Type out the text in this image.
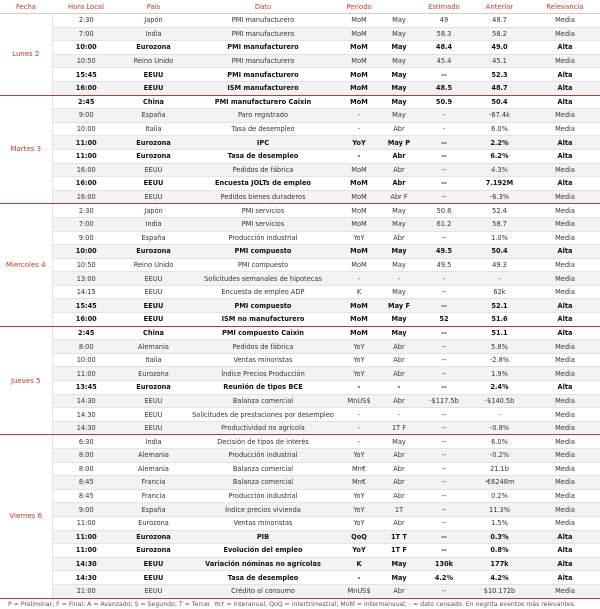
Fecha	Hora Local	País	Dato	Periodo		Estimado	Anterior	Relevancia
Lunes 2	2:30	Japón	PMI manufacturero	MoM	May	49	48.7	Media
	7:00	India	PMI manufacturero	MoM	May	58.3	58.2	Media
	10:00	Eurozona	PMI manufacturero	MoM	May	48.4	49.0	Alta
	10:50	Reino Unido	PMI manufacturero	MoM	May	45.4	45.1	Media
	15:45	EEUU	PMI manufacturero	MoM	May	--	52.3	Alta
	16:00	EEUU	ISM manufacturero	MoM	May	48.5	48.7	Alta
Martes 3	2:45	China	PMI manufacturero Caixin	MoM	May	50.9	50.4	Alta
	9:00	España	Paro registrado	-	May	-	-67.4k	Media
	10:00	Italia	Tasa de desempleo	-	Abr	-	6.0%	Media
	11:00	Eurozona	IPC	YoY	May P	--	2.2%	Alta
	11:00	Eurozona	Tasa de desempleo	-	Abr	--	6.2%	Alta
	16:00	EEUU	Pedidos de fábrica	MoM	Abr	--	4.3%	Media
	16:00	EEUU	Encuesta JOLTs de empleo	MoM	Abr	--	7.192M	Alta
	16:00	EEUU	Pedidos bienes duraderos	MoM	Abr F	--	-6.3%	Media
Miercoles 4	2:30	Japón	PMI servicios	MoM	May	50.8	52.4	Media
	7:00	India	PMI servicios	MoM	May	61.2	58.7	Media
	9:00	España	Producción industrial	YoY	Abr	--	1.0%	Media
	10:00	Eurozona	PMI compuesto	MoM	May	49.5	50.4	Alta
	10:50	Reino Unido	PMI compuesto	MoM	May	49.5	49.3	Media
	13:00	EEUU	Solicitudes semanales de hipotecas	-	-	-	-	Media
	14:15	EEUU	Encuesta de empleo ADP	K	May	--	62k	Media
	15:45	EEUU	PMI compuesto	MoM	May F	--	52.1	Alta
	16:00	EEUU	ISM no manufacturero	MoM	May	52	51.6	Alta
Jueves 5	2:45	China	PMI compuesto Caixin	MoM	May	--	51.1	Alta
	8:00	Alemania	Pedidos de fábrica	YoY	Abr	--	5.8%	Media
	10:00	Italia	Ventas minoristas	YoY	Abr	--	-2.8%	Media
	11:00	Eurozona	Índice Precios Producción	YoY	Abr	--	1.9%	Media
	13:45	Eurozona	Reunión de tipos BCE	-	-	--	2.4%	Alta
	14:30	EEUU	Balanza comercial	MnUS$	Abr	-$117.5b	-$140.5b	Media
	14:30	EEUU	Solicitudes de prestaciones por desempleo	-	-	--	-	Media
	14:30	EEUU	Productividad no agrícola	-	1T F	--	-0.8%	Media
Viernes 6	6:30	India	Decisión de tipos de interés	-	May	--	6.0%	Media
	8:00	Alemania	Producción industrial	YoY	Abr	--	-0.2%	Media
	8:00	Alemania	Balanza comercial	Mn€	Abr	--	21.1b	Media
	8:45	Francia	Balanza comercial	Mn€	Abr	--	-€6248m	Media
	8:45	Francia	Producción industrial	YoY	Abr	--	0.2%	Media
	9:00	España	Índice precios vivienda	YoY	1T	--	11.3%	Media
	11:00	Eurozona	Ventas minoristas	YoY	Abr	--	1.5%	Media
	11:00	Eurozona	PIB	QoQ	1T T	--	0.3%	Alta
	11:00	Eurozona	Evolución del empleo	YoY	1T F	--	0.8%	Alta
	14:30	EEUU	Variación nóminas no agrícolas	K	May	130k	177k	Alta
	14:30	EEUU	Tasa de desempleo	-	May	4.2%	4.2%	Alta
	21:00	EEUU	Crédito al consumo	MnUS$	Abr	--	$10.172b	Media
P = Preliminar; F = Final; A = Avanzado; S = Segundo; T = Tercer. YoY = interanual; QoQ = intertrimestral; MoM = intermensual; - = dato censado. En negrita eventos más relevantes.
